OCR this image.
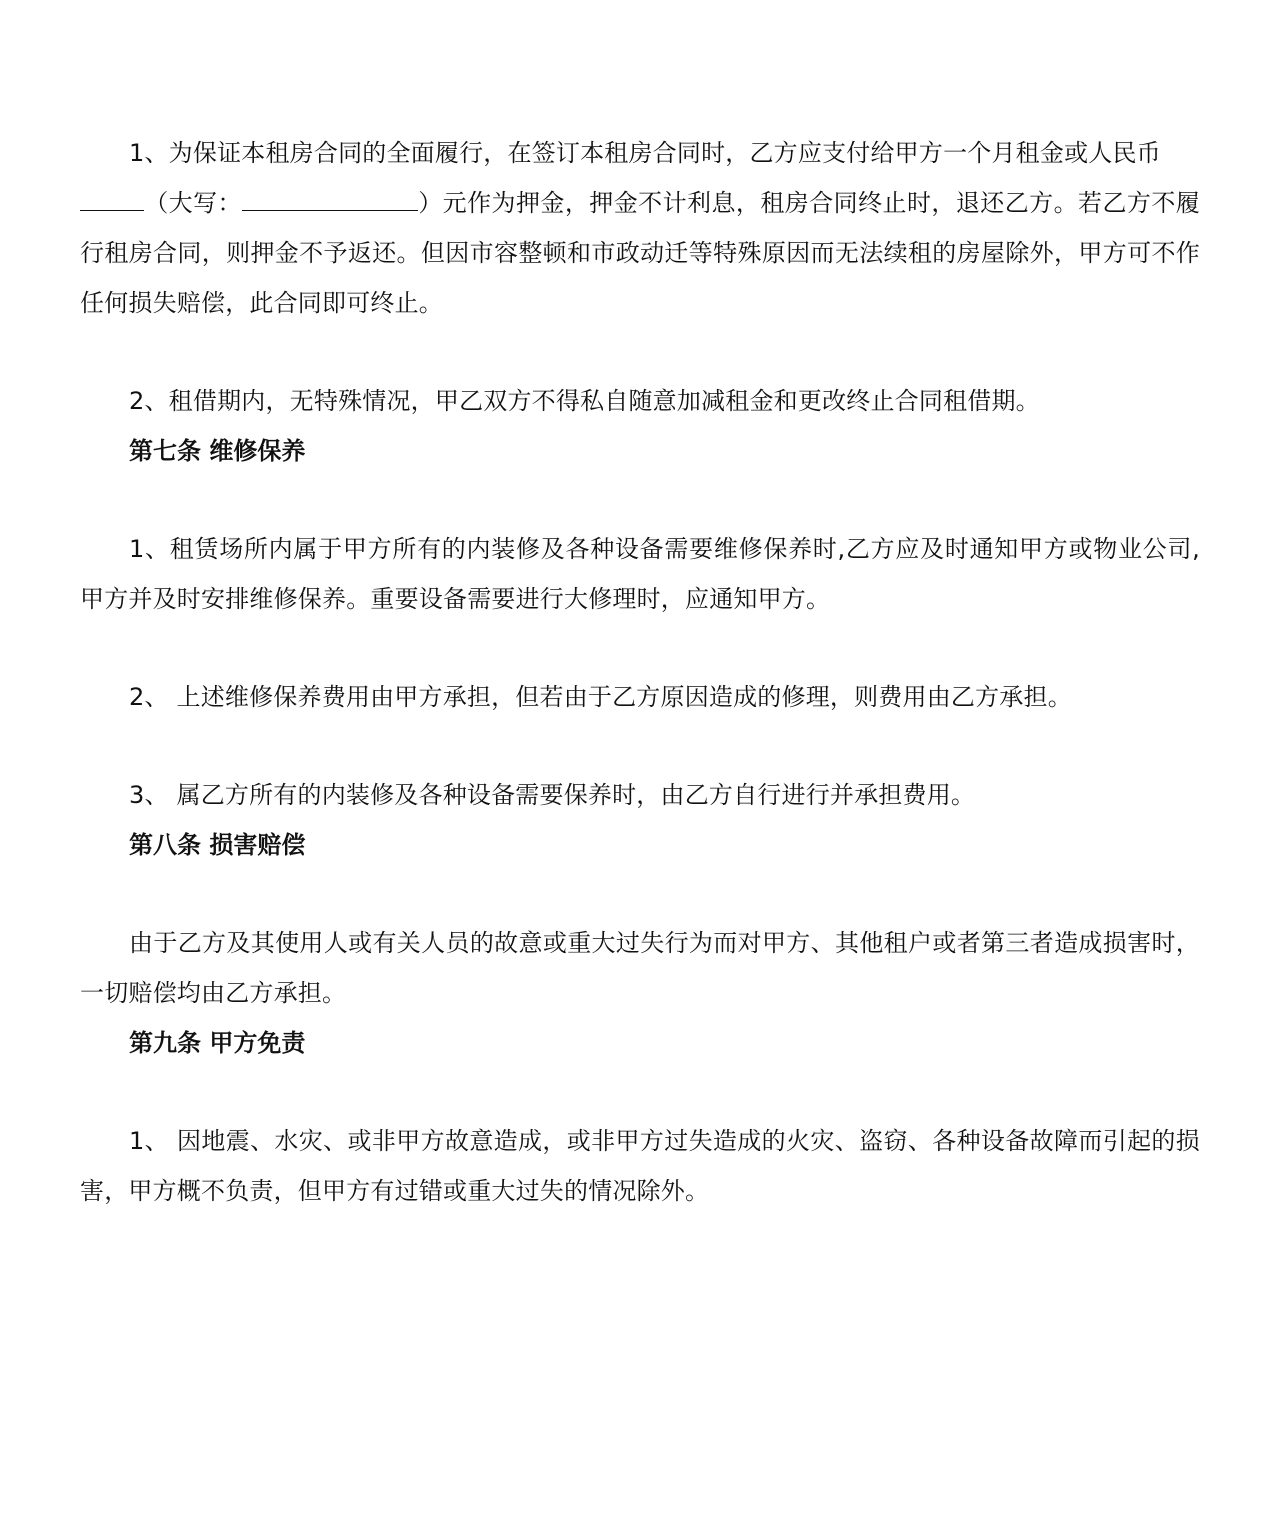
1、为保证本租房合同的全面履行，在签订本租房合同时，乙方应支付给甲方一个月租金或人民币
（大写：	）元作为押金，押金不计利息，租房合同终止时，退还乙方。若乙方不履行租房合同，则押金不予返还。但因市容整顿和市政动迁等特殊原因而无法续租的房屋除外，甲方可不作任何损失赔偿，此合同即可终止。

2、租借期内，无特殊情况，甲乙双方不得私自随意加减租金和更改终止合同租借期。

第七条 维修保养

1、租赁场所内属于甲方所有的内装修及各种设备需要维修保养时,乙方应及时通知甲方或物业公司,甲方并及时安排维修保养。重要设备需要进行大修理时，应通知甲方。

2、 上述维修保养费用由甲方承担，但若由于乙方原因造成的修理，则费用由乙方承担。

3、 属乙方所有的内装修及各种设备需要保养时，由乙方自行进行并承担费用。

第八条 损害赔偿

由于乙方及其使用人或有关人员的故意或重大过失行为而对甲方、其他租户或者第三者造成损害时，一切赔偿均由乙方承担。

第九条 甲方免责

1、 因地震、水灾、或非甲方故意造成，或非甲方过失造成的火灾、盗窃、各种设备故障而引起的损害，甲方概不负责，但甲方有过错或重大过失的情况除外。
